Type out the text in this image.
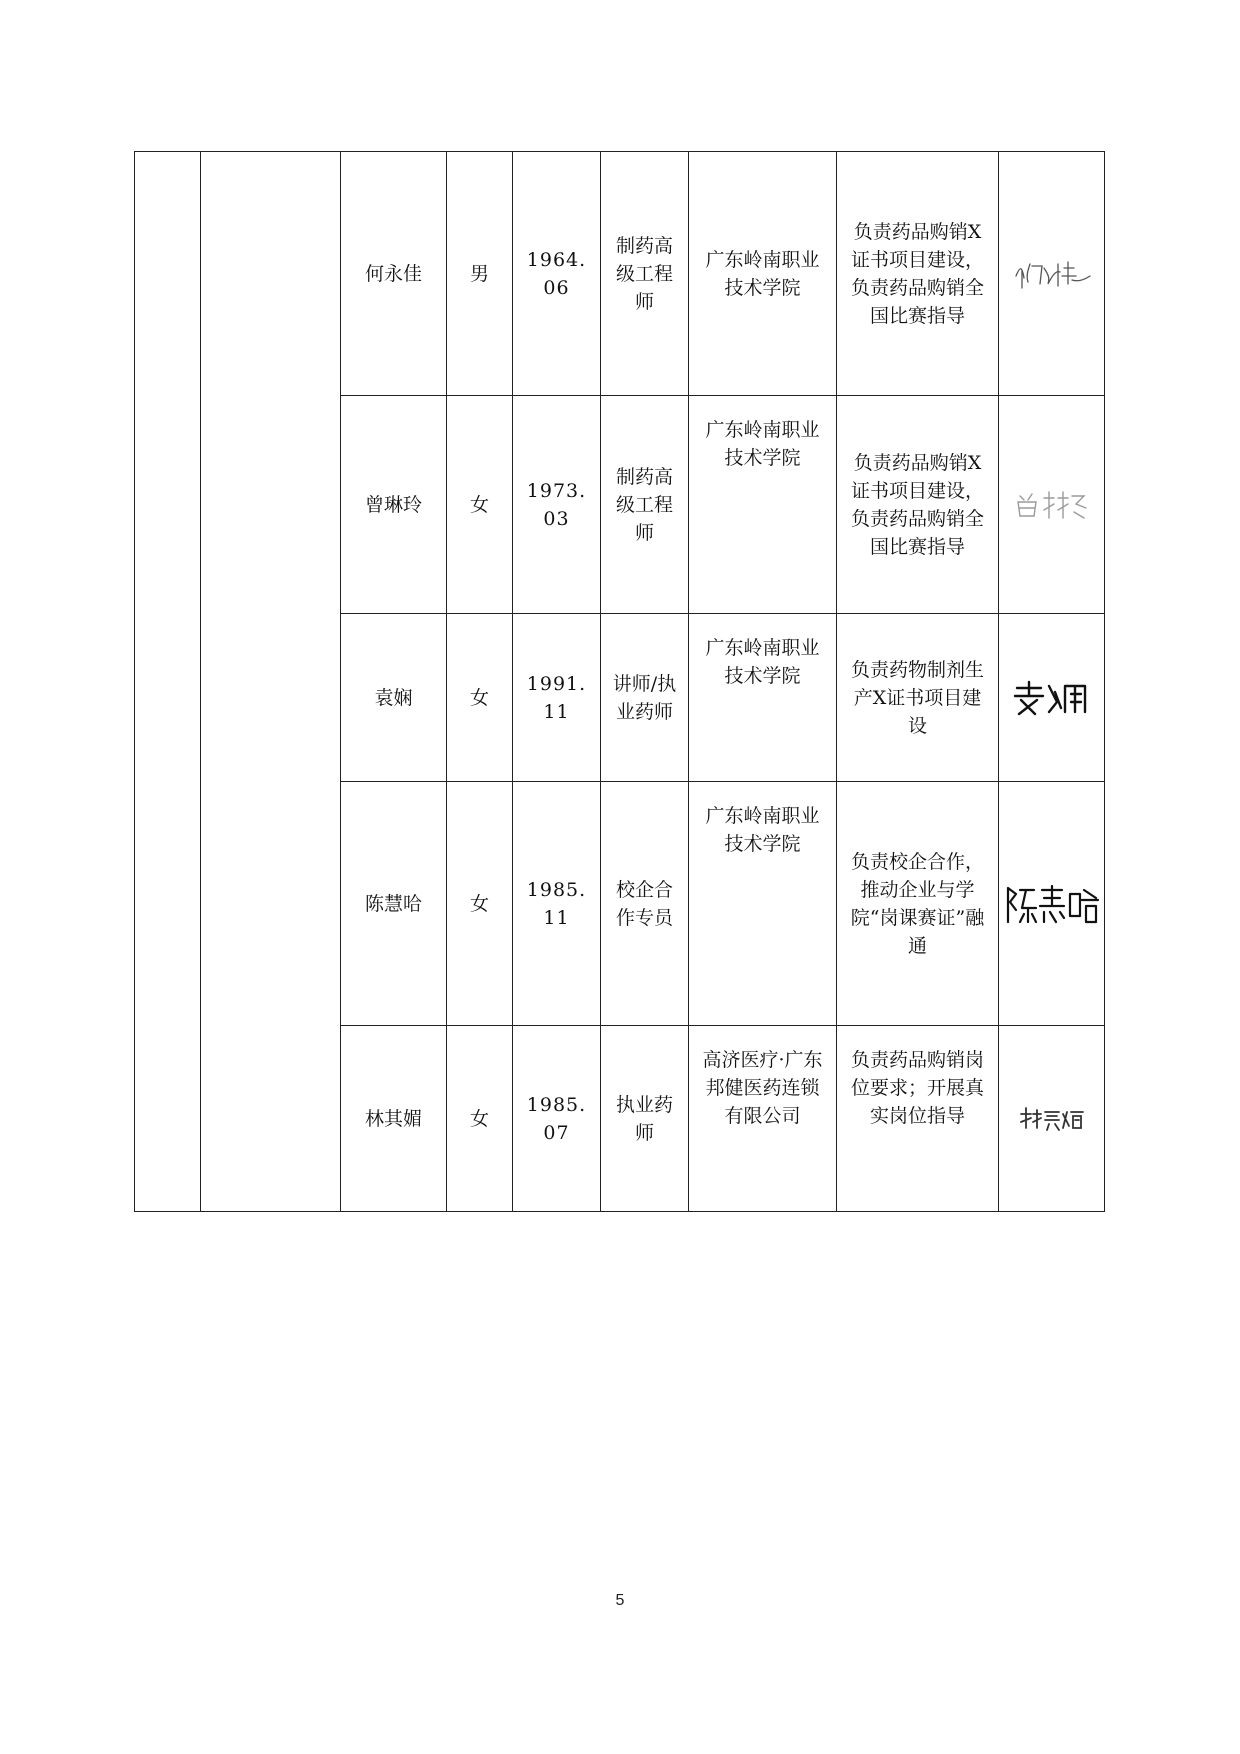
		何永佳	男	1964.06	制药高级工程师	广东岭南职业技术学院	负责药品购销X证书项目建设，负责药品购销全国比赛指导	

		曾琳玲	女	1973.03	制药高级工程师	广东岭南职业技术学院	负责药品购销X证书项目建设，负责药品购销全国比赛指导	

		袁娴	女	1991.11	讲师/执业药师	广东岭南职业技术学院	负责药物制剂生产X证书项目建设	

		陈慧哈	女	1985.11	校企合作专员	广东岭南职业技术学院	负责校企合作，推动企业与学院“岗课赛证”融通	

		林其媚	女	1985.07	执业药师	高济医疗·广东邦健医药连锁有限公司	负责药品购销岗位要求；开展真实岗位指导	
5
